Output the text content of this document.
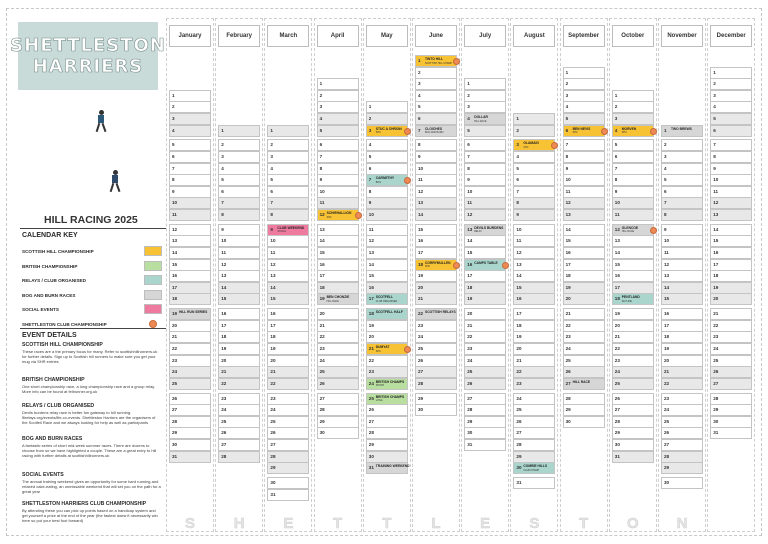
SHETTLESTON
HARRIERS
HILL RACING 2025
CALENDAR KEY
SCOTTISH HILL CHAMPIONSHIP
BRITISH CHAMPIONSHIP
RELAYS / CLUB ORGANISED
BOG AND BURN RACES
SOCIAL EVENTS
SHETTLESTON CLUB CHAMPIONSHIP
EVENT DETAILS
SCOTTISH HILL CHAMPIONSHIP
These races are a the primary focus for many. Refer to scottishhillrunners.uk for further details. Sign up to Scottish hill runners to make sure you get your mug via SHR entries
BRITISH CHAMPIONSHIP
One short championship race, a long championship race and a group relay. More info can be found at fellrunner.org.uk
RELAYS / CLUB ORGANISED
Devils burdens relay race is better fun gateway to hill running. lfirelays.org/events/life-cc-events. Shettleston Harriers are the organisers of the Scotfell Race and we always looking for help as well as participants
BOG AND BURN RACES
A fantastic series of short mid-week summer races. There are dozens to choose from so we have highlighted a couple. These are a great entry to hill racing with further details at scottishhillrunners.uk
SOCIAL EVENTS
The annual training weekend gives an opportunity for some hard running and relaxed cake-eating, an unmissable weekend that will set you on the path for a great year
SHETTLESTON HARRIERS CLUB CHAMPIONSHIP
By attending these you can pick up points based on a handicap system and get yourself a prize at the end of the year (the fastest doesn't necessarily win here so put your best foot forward)
January
1
2
3
4
5
6
7
8
9
10
11
12
13
14
15
16
17
18
19 HILL RUN SERIES
20
21
22
23
24
25
26
27
28
29
30
31
S
February
1
2
3
4
5
6
7
8
9
10
11
12
13
14
15
16
17
18
19
20
21
22
23
24
25
26
27
28
H
March
1
2
3
4
5
6
7
8
9 CLUB WEEKEND
SOCIAL
10
11
12
13
14
15
16
17
18
19
20
21
22
23
24
25
26
27
28
29
30
31
E
April
1
2
3
4
5
6
7
8
9
10
11
12 SCHIEHALLION
SHC
13
14
15
16
17
18
19 BEN CHONZIE
HILL RACE
20
21
22
23
24
25
26
27
28
29
30
T
May
1
2
3 STUC A CHROIN
SHC
4
5
6
7 CARNETHY
BOG
8
9
10
11
12
13
14
15
16
17 SCOTFELL
CLUB ORGANISED
18 SCOTFELL HALF
19
20
21 DUMYAT
SHC
22
23
24 BRITISH CHAMPS
SHORT
25 BRITISH CHAMPS
LONG
26
27
28
29
30
31 TRAINING WEEKEND
T
June
1 TINTO HILL
SCOTTISH HILL CHAMP
2
3
4
5
6
7 CLOICHES
BOG AND BURN
8
9
10
11
12
13
14
15
16
17
18 CORRYMULLEN
SHC
19
20
21
22 SCOTTISH RELAYS
23
24
25
26
27
28
29
30
L
July
1
2
3
4 DOLLAR
HILL RACE
5
6
7
8
9
10
11
12
13 DEVILS BURDENS
RELAY
14
15
16 CAMPS TABLE
17
18
19
20
21
22
23
24
25
26
27
28
29
30
31
E
August
1
2
3 GLAMAIG
SHC
4
5
6
7
8
9
10
11
12
13
14
15
16
17
18
19
20
21
22
23
24
25
26
27
28
29
30 COMRIE HILLS
CLUB CHAMP
31
S
September
1
2
3
4
5
6 BEN NEVIS
SHC
7
8
9
10
11
12
13
14
15
16
17
18
19
20
21
22
23
24
25
26
27 HILL RACE
28
29
30
T
October
1
2
3
4 MORVEN
SHC
5
6
7
8
9
10
11
12 GLENCOE
HILL RACE
13
14
15
16
17
18 PENTLAND
SKYLINE
19
20
21
22
23
24
25
26
27
28
29
30
31
O
November
1 TWO BREWS
2
3
4
5
6
7
8
9
10
11
12
13
14
15
16
17
18
19
20
21
22
23
24
25
26
27
28
29
30
N
December
1
2
3
4
5
6
7
8
9
10
11
12
13
14
15
16
17
18
19
20
21
22
23
24
25
26
27
28
29
30
31
